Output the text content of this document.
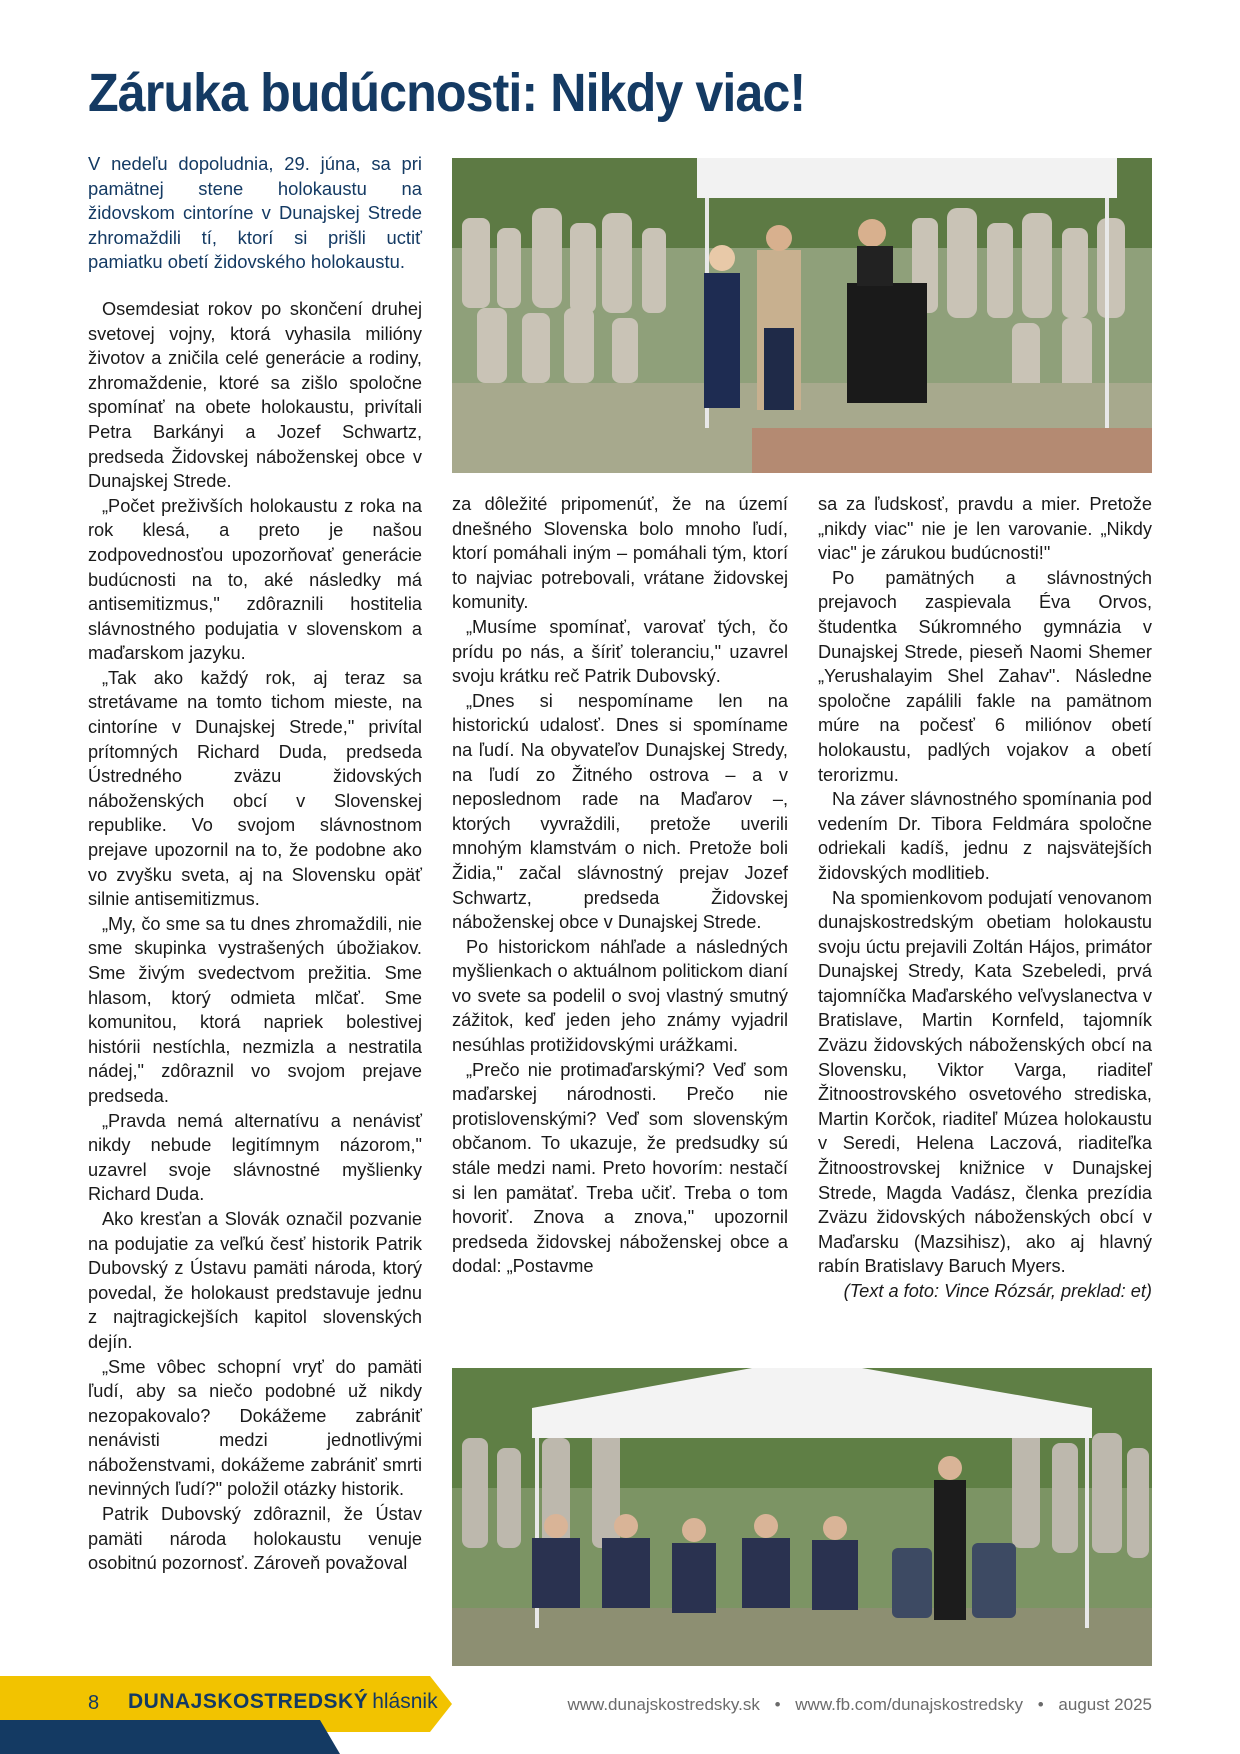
Záruka budúcnosti: Nikdy viac!

V nedeľu dopoludnia, 29. júna, sa pri pamätnej stene holokaustu na židovskom cintoríne v Dunajskej Strede zhromaždili tí, ktorí si prišli uctiť pamiatku obetí židovského holokaustu.

Osemdesiat rokov po skončení druhej svetovej vojny, ktorá vyhasila milióny životov a zničila celé generácie a rodiny, zhromaždenie, ktoré sa zišlo spoločne spomínať na obete holokaustu, privítali Petra Barkányi a Jozef Schwartz, predseda Židovskej náboženskej obce v Dunajskej Strede.

„Počet preživších holokaustu z roka na rok klesá, a preto je našou zodpovednosťou upozorňovať generácie budúcnosti na to, aké následky má antisemitizmus," zdôraznili hostitelia slávnostného podujatia v slovenskom a maďarskom jazyku.

„Tak ako každý rok, aj teraz sa stretávame na tomto tichom mieste, na cintoríne v Dunajskej Strede," privítal prítomných Richard Duda, predseda Ústredného zväzu židovských náboženských obcí v Slovenskej republike. Vo svojom slávnostnom prejave upozornil na to, že podobne ako vo zvyšku sveta, aj na Slovensku opäť silnie antisemitizmus.

„My, čo sme sa tu dnes zhromaždili, nie sme skupinka vystrašených úbožiakov. Sme živým svedectvom prežitia. Sme hlasom, ktorý odmieta mlčať. Sme komunitou, ktorá napriek bolestivej histórii nestíchla, nezmizla a nestratila nádej," zdôraznil vo svojom prejave predseda.

„Pravda nemá alternatívu a nenávisť nikdy nebude legitímnym názorom," uzavrel svoje slávnostné myšlienky Richard Duda.

Ako kresťan a Slovák označil pozvanie na podujatie za veľkú česť historik Patrik Dubovský z Ústavu pamäti národa, ktorý povedal, že holokaust predstavuje jednu z najtragickejších kapitol slovenských dejín.

„Sme vôbec schopní vryť do pamäti ľudí, aby sa niečo podobné už nikdy nezopakovalo? Dokážeme zabrániť nenávisti medzi jednotlivými náboženstvami, dokážeme zabrániť smrti nevinných ľudí?" položil otázky historik.

Patrik Dubovský zdôraznil, že Ústav pamäti národa holokaustu venuje osobitnú pozornosť. Zároveň považoval

za dôležité pripomenúť, že na území dnešného Slovenska bolo mnoho ľudí, ktorí pomáhali iným – pomáhali tým, ktorí to najviac potrebovali, vrátane židovskej komunity.

„Musíme spomínať, varovať tých, čo prídu po nás, a šíriť toleranciu," uzavrel svoju krátku reč Patrik Dubovský.

„Dnes si nespomíname len na historickú udalosť. Dnes si spomíname na ľudí. Na obyvateľov Dunajskej Stredy, na ľudí zo Žitného ostrova – a v neposlednom rade na Maďarov –, ktorých vyvraždili, pretože uverili mnohým klamstvám o nich. Pretože boli Židia," začal slávnostný prejav Jozef Schwartz, predseda Židovskej náboženskej obce v Dunajskej Strede.

Po historickom náhľade a následných myšlienkach o aktuálnom politickom dianí vo svete sa podelil o svoj vlastný smutný zážitok, keď jeden jeho známy vyjadril nesúhlas protižidovskými urážkami.

„Prečo nie protimaďarskými? Veď som maďarskej národnosti. Prečo nie protislovenskými? Veď som slovenským občanom. To ukazuje, že predsudky sú stále medzi nami. Preto hovorím: nestačí si len pamätať. Treba učiť. Treba o tom hovoriť. Znova a znova," upozornil predseda židovskej náboženskej obce a dodal: „Postavme

sa za ľudskosť, pravdu a mier. Pretože „nikdy viac" nie je len varovanie. „Nikdy viac" je zárukou budúcnosti!"

Po pamätných a slávnostných prejavoch zaspievala Éva Orvos, študentka Súkromného gymnázia v Dunajskej Strede, pieseň Naomi Shemer „Yerushalayim Shel Zahav". Následne spoločne zapálili fakle na pamätnom múre na počesť 6 miliónov obetí holokaustu, padlých vojakov a obetí terorizmu.

Na záver slávnostného spomínania pod vedením Dr. Tibora Feldmára spoločne odriekali kadíš, jednu z najsvätejších židovských modlitieb.

Na spomienkovom podujatí venovanom dunajskostredským obetiam holokaustu svoju úctu prejavili Zoltán Hájos, primátor Dunajskej Stredy, Kata Szebeledi, prvá tajomníčka Maďarského veľvyslanectva v Bratislave, Martin Kornfeld, tajomník Zväzu židovských náboženských obcí na Slovensku, Viktor Varga, riaditeľ Žitnoostrovského osvetového strediska, Martin Korčok, riaditeľ Múzea holokaustu v Seredi, Helena Laczová, riaditeľka Žitnoostrovskej knižnice v Dunajskej Strede, Magda Vadász, členka prezídia Zväzu židovských náboženských obcí v Maďarsku (Mazsihisz), ako aj hlavný rabín Bratislavy Baruch Myers.

(Text a foto: Vince Rózsár, preklad: et)

8 DUNAJSKOSTREDSKÝ hlásnik	www.dunajskostredsky.sk • www.fb.com/dunajskostredsky • august 2025
